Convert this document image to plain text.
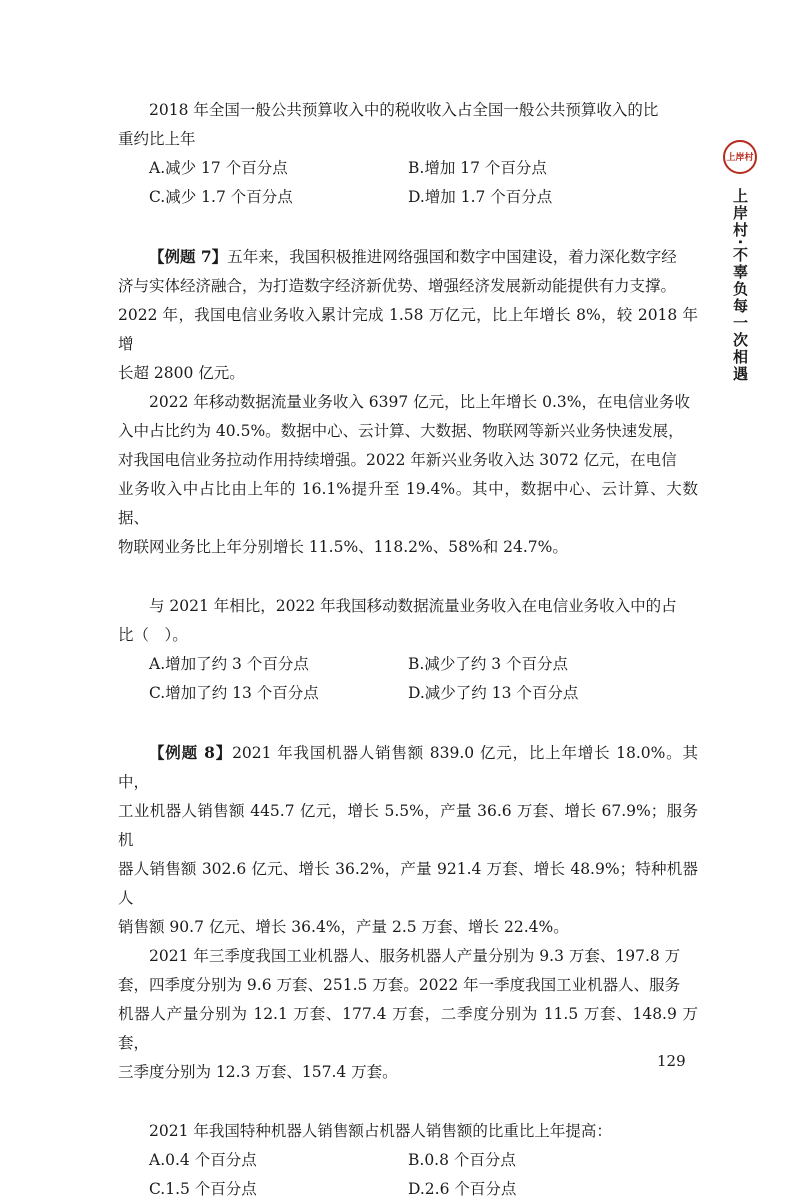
2018 年全国一般公共预算收入中的税收收入占全国一般公共预算收入的比

重约比上年

A.减少 17 个百分点	B.增加 17 个百分点
C.减少 1.7 个百分点	D.增加 1.7 个百分点

【例题 7】五年来，我国积极推进网络强国和数字中国建设，着力深化数字经

济与实体经济融合，为打造数字经济新优势、增强经济发展新动能提供有力支撑。

2022 年，我国电信业务收入累计完成 1.58 万亿元，比上年增长 8%，较 2018 年增

长超 2800 亿元。

2022 年移动数据流量业务收入 6397 亿元，比上年增长 0.3%，在电信业务收

入中占比约为 40.5%。数据中心、云计算、大数据、物联网等新兴业务快速发展，

对我国电信业务拉动作用持续增强。2022 年新兴业务收入达 3072 亿元，在电信

业务收入中占比由上年的 16.1%提升至 19.4%。其中，数据中心、云计算、大数据、

物联网业务比上年分别增长 11.5%、118.2%、58%和 24.7%。

与 2021 年相比，2022 年我国移动数据流量业务收入在电信业务收入中的占

比（　）。

A.增加了约 3 个百分点	B.减少了约 3 个百分点
C.增加了约 13 个百分点	D.减少了约 13 个百分点

【例题 8】2021 年我国机器人销售额 839.0 亿元，比上年增长 18.0%。其中，

工业机器人销售额 445.7 亿元，增长 5.5%，产量 36.6 万套、增长 67.9%；服务机

器人销售额 302.6 亿元、增长 36.2%，产量 921.4 万套、增长 48.9%；特种机器人

销售额 90.7 亿元、增长 36.4%，产量 2.5 万套、增长 22.4%。

2021 年三季度我国工业机器人、服务机器人产量分别为 9.3 万套、197.8 万

套，四季度分别为 9.6 万套、251.5 万套。2022 年一季度我国工业机器人、服务

机器人产量分别为 12.1 万套、177.4 万套，二季度分别为 11.5 万套、148.9 万套，

三季度分别为 12.3 万套、157.4 万套。

2021 年我国特种机器人销售额占机器人销售额的比重比上年提高：

A.0.4 个百分点	B.0.8 个百分点
C.1.5 个百分点	D.2.6 个百分点
上岸村
上岸村·不辜负每一次相遇
129
